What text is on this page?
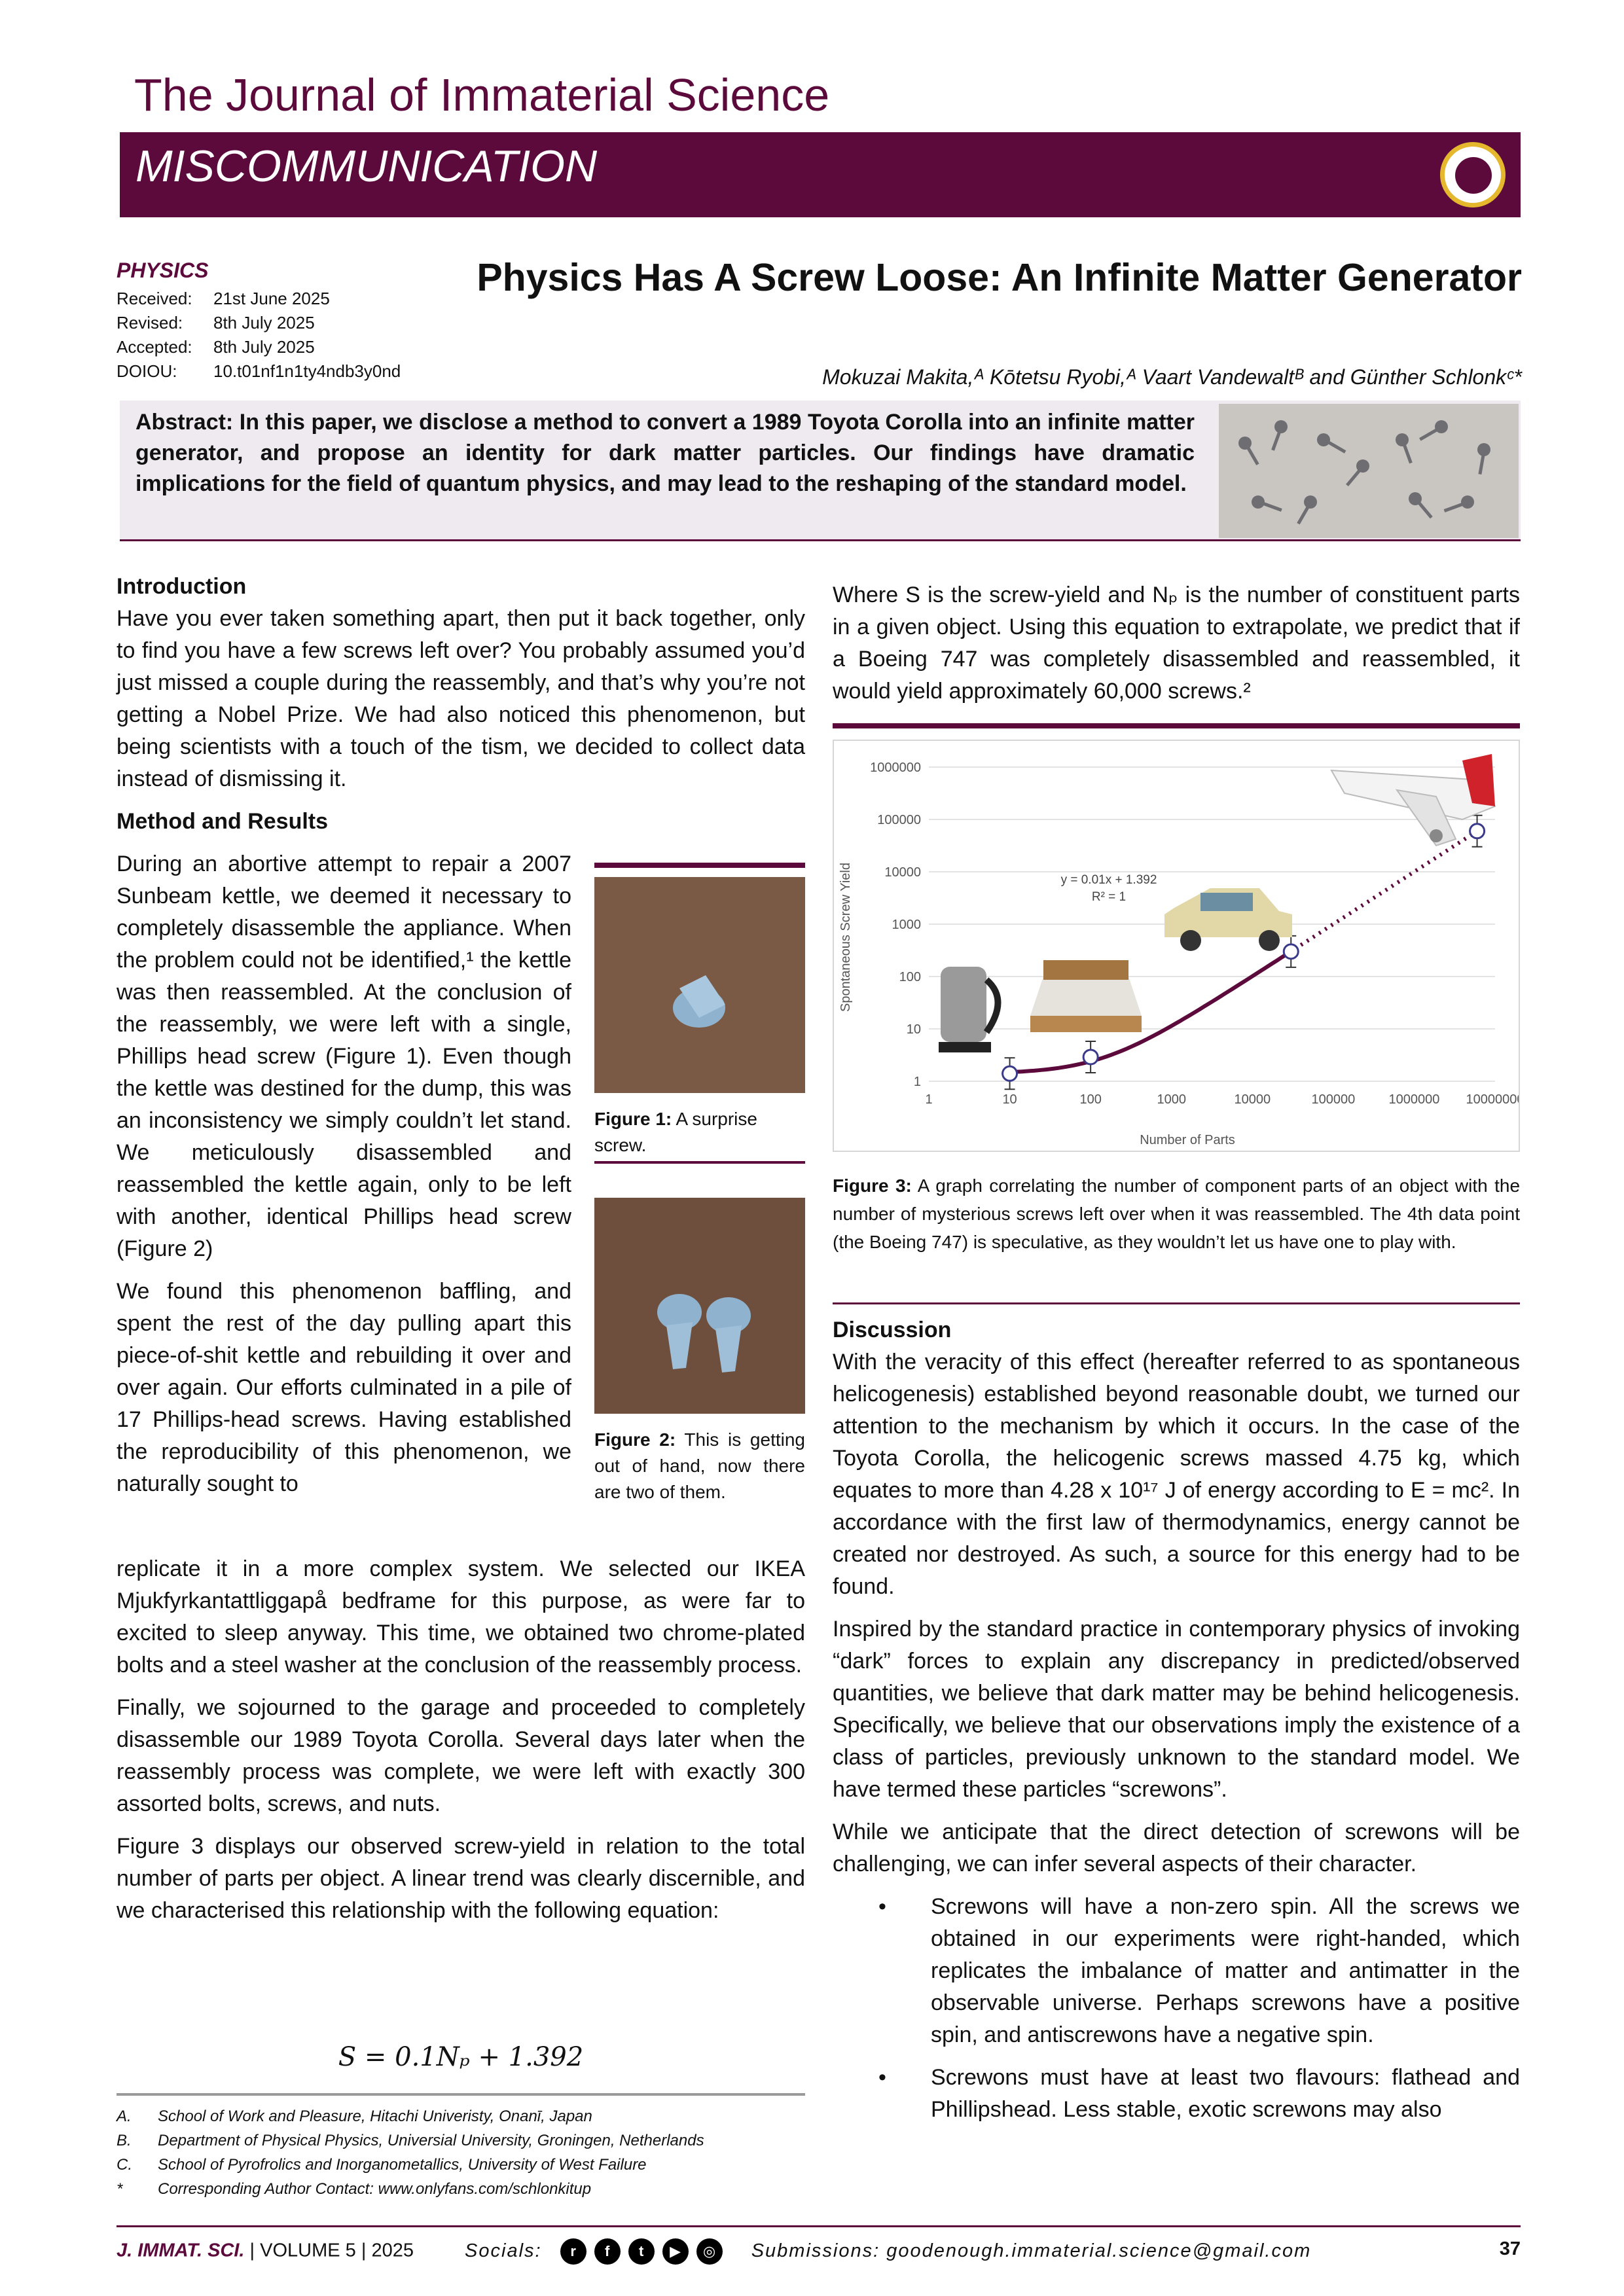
The Journal of Immaterial Science
MISCOMMUNICATION
PHYSICS
Received:	21st June 2025
Revised:	8th July 2025
Accepted:	8th July 2025
DOIOU:	10.t01nf1n1ty4ndb3y0nd
Physics Has A Screw Loose: An Infinite Matter Generator
Mokuzai Makita,ᴬ Kōtetsu Ryobi,ᴬ Vaart Vandewaltᴮ and Günther Schlonkᶜ*
Abstract: In this paper, we disclose a method to convert a 1989 Toyota Corolla into an infinite matter generator, and propose an identity for dark matter particles. Our findings have dramatic implications for the field of quantum physics, and may lead to the reshaping of the standard model.
Introduction

Have you ever taken something apart, then put it back together, only to find you have a few screws left over? You probably assumed you’d just missed a couple during the reassembly, and that’s why you’re not getting a Nobel Prize. We had also noticed this phenomenon, but being scientists with a touch of the tism, we decided to collect data instead of dismissing it.

Method and Results

During an abortive attempt to repair a 2007 Sunbeam kettle, we deemed it necessary to completely disassemble the appliance. When the problem could not be identified,¹ the kettle was then reassembled. At the conclusion of the reassembly, we were left with a single, Phillips head screw (Figure 1). Even though the kettle was destined for the dump, this was an inconsistency we simply couldn’t let stand. We meticulously disassembled and reassembled the kettle again, only to be left with another, identical Phillips head screw (Figure 2)

We found this phenomenon baffling, and spent the rest of the day pulling apart this piece-of-shit kettle and rebuilding it over and over again. Our efforts culminated in a pile of 17 Phillips-head screws. Having established the reproducibility of this phenomenon, we naturally sought to

Figure 1: A surprise screw.
Figure 2: This is getting out of hand, now there are two of them.

replicate it in a more complex system. We selected our IKEA Mjukfyrkantattliggapå bedframe for this purpose, as were far to excited to sleep anyway. This time, we obtained two chrome-plated bolts and a steel washer at the conclusion of the reassembly process.

Finally, we sojourned to the garage and proceeded to completely disassemble our 1989 Toyota Corolla. Several days later when the reassembly process was complete, we were left with exactly 300 assorted bolts, screws, and nuts.

Figure 3 displays our observed screw-yield in relation to the total number of parts per object. A linear trend was clearly discernible, and we characterised this relationship with the following equation:

S = 0.1Nₚ + 1.392
A.	School of Work and Pleasure, Hitachi Univeristy, Onanī, Japan
B.	Department of Physical Physics, Universial University, Groningen, Netherlands
C.	School of Pyrofrolics and Inorganometallics, University of West Failure
*	Corresponding Author Contact: www.onlyfans.com/schlonkitup

Where S is the screw-yield and Nₚ is the number of constituent parts in a given object. Using this equation to extrapolate, we predict that if a Boeing 747 was completely disassembled and reassembled, it would yield approximately 60,000 screws.²

1	10	100	1000	10000	100000	1000000 10000000
1
10
100
1000
10000
100000
1000000
Number of Parts
Spontaneous Screw Yield	y = 0.01x + 1.392
R² = 1
Figure 3: A graph correlating the number of component parts of an object with the number of mysterious screws left over when it was reassembled. The 4th data point (the Boeing 747) is speculative, as they wouldn’t let us have one to play with.
Discussion

With the veracity of this effect (hereafter referred to as spontaneous helicogenesis) established beyond reasonable doubt, we turned our attention to the mechanism by which it occurs. In the case of the Toyota Corolla, the helicogenic screws massed 4.75 kg, which equates to more than 4.28 x 10¹⁷ J of energy according to E = mc². In accordance with the first law of thermodynamics, energy cannot be created nor destroyed. As such, a source for this energy had to be found.

Inspired by the standard practice in contemporary physics of invoking “dark” forces to explain any discrepancy in predicted/observed quantities, we believe that dark matter may be behind helicogenesis. Specifically, we believe that our observations imply the existence of a class of particles, previously unknown to the standard model. We have termed these particles “screwons”.

While we anticipate that the direct detection of screwons will be challenging, we can infer several aspects of their character.

• Screwons will have a non-zero spin. All the screws we obtained in our experiments were right-handed, which replicates the imbalance of matter and antimatter in the observable universe. Perhaps screwons have a positive spin, and antiscrewons have a negative spin.
• Screwons must have at least two flavours: flathead and Phillipshead. Less stable, exotic screwons may also
J. IMMAT. SCI. | VOLUME 5 | 2025	Socials: r f t ▶ ◎ Submissions: goodenough.immaterial.science@gmail.com	37
